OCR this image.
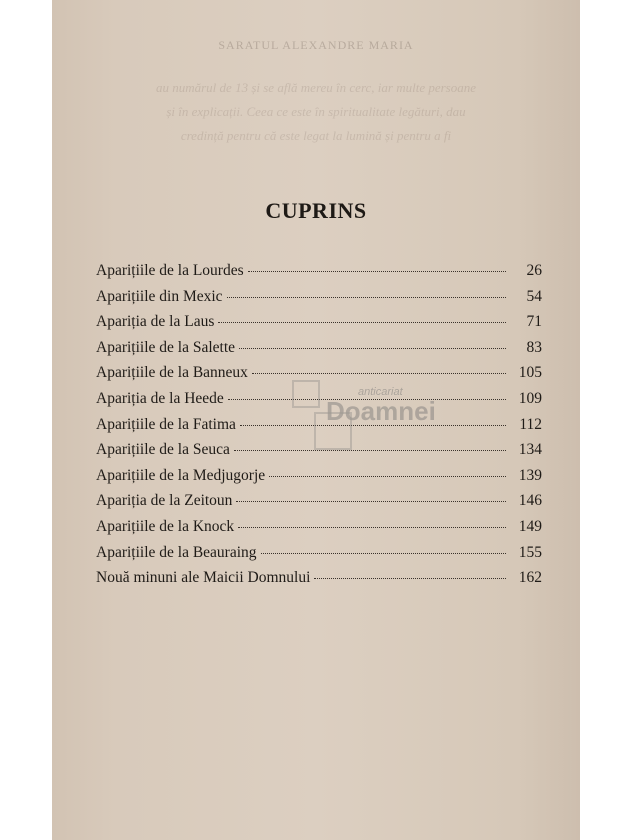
SARATUL ALEXANDRE MARIA
au numărul de 13 și se află mereu în cerc, iar multe persoane
și în explicații. Ceea ce este în spiritualitate legături, dau
credință pentru că este legat la lumină și pentru a fi
CUPRINS
Aparițiile de la Lourdes	26
Aparițiile din Mexic	54
Apariția de la Laus	71
Aparițiile de la Salette	83
Aparițiile de la Banneux	105
Apariția de la Heede	109
Aparițiile de la Fatima	112
Aparițiile de la Seuca	134
Aparițiile de la Medjugorje	139
Apariția de la Zeitoun	146
Aparițiile de la Knock	149
Aparițiile de la Beauraing	155
Nouă minuni ale Maicii Domnului	162
anticariat
Doamnei
